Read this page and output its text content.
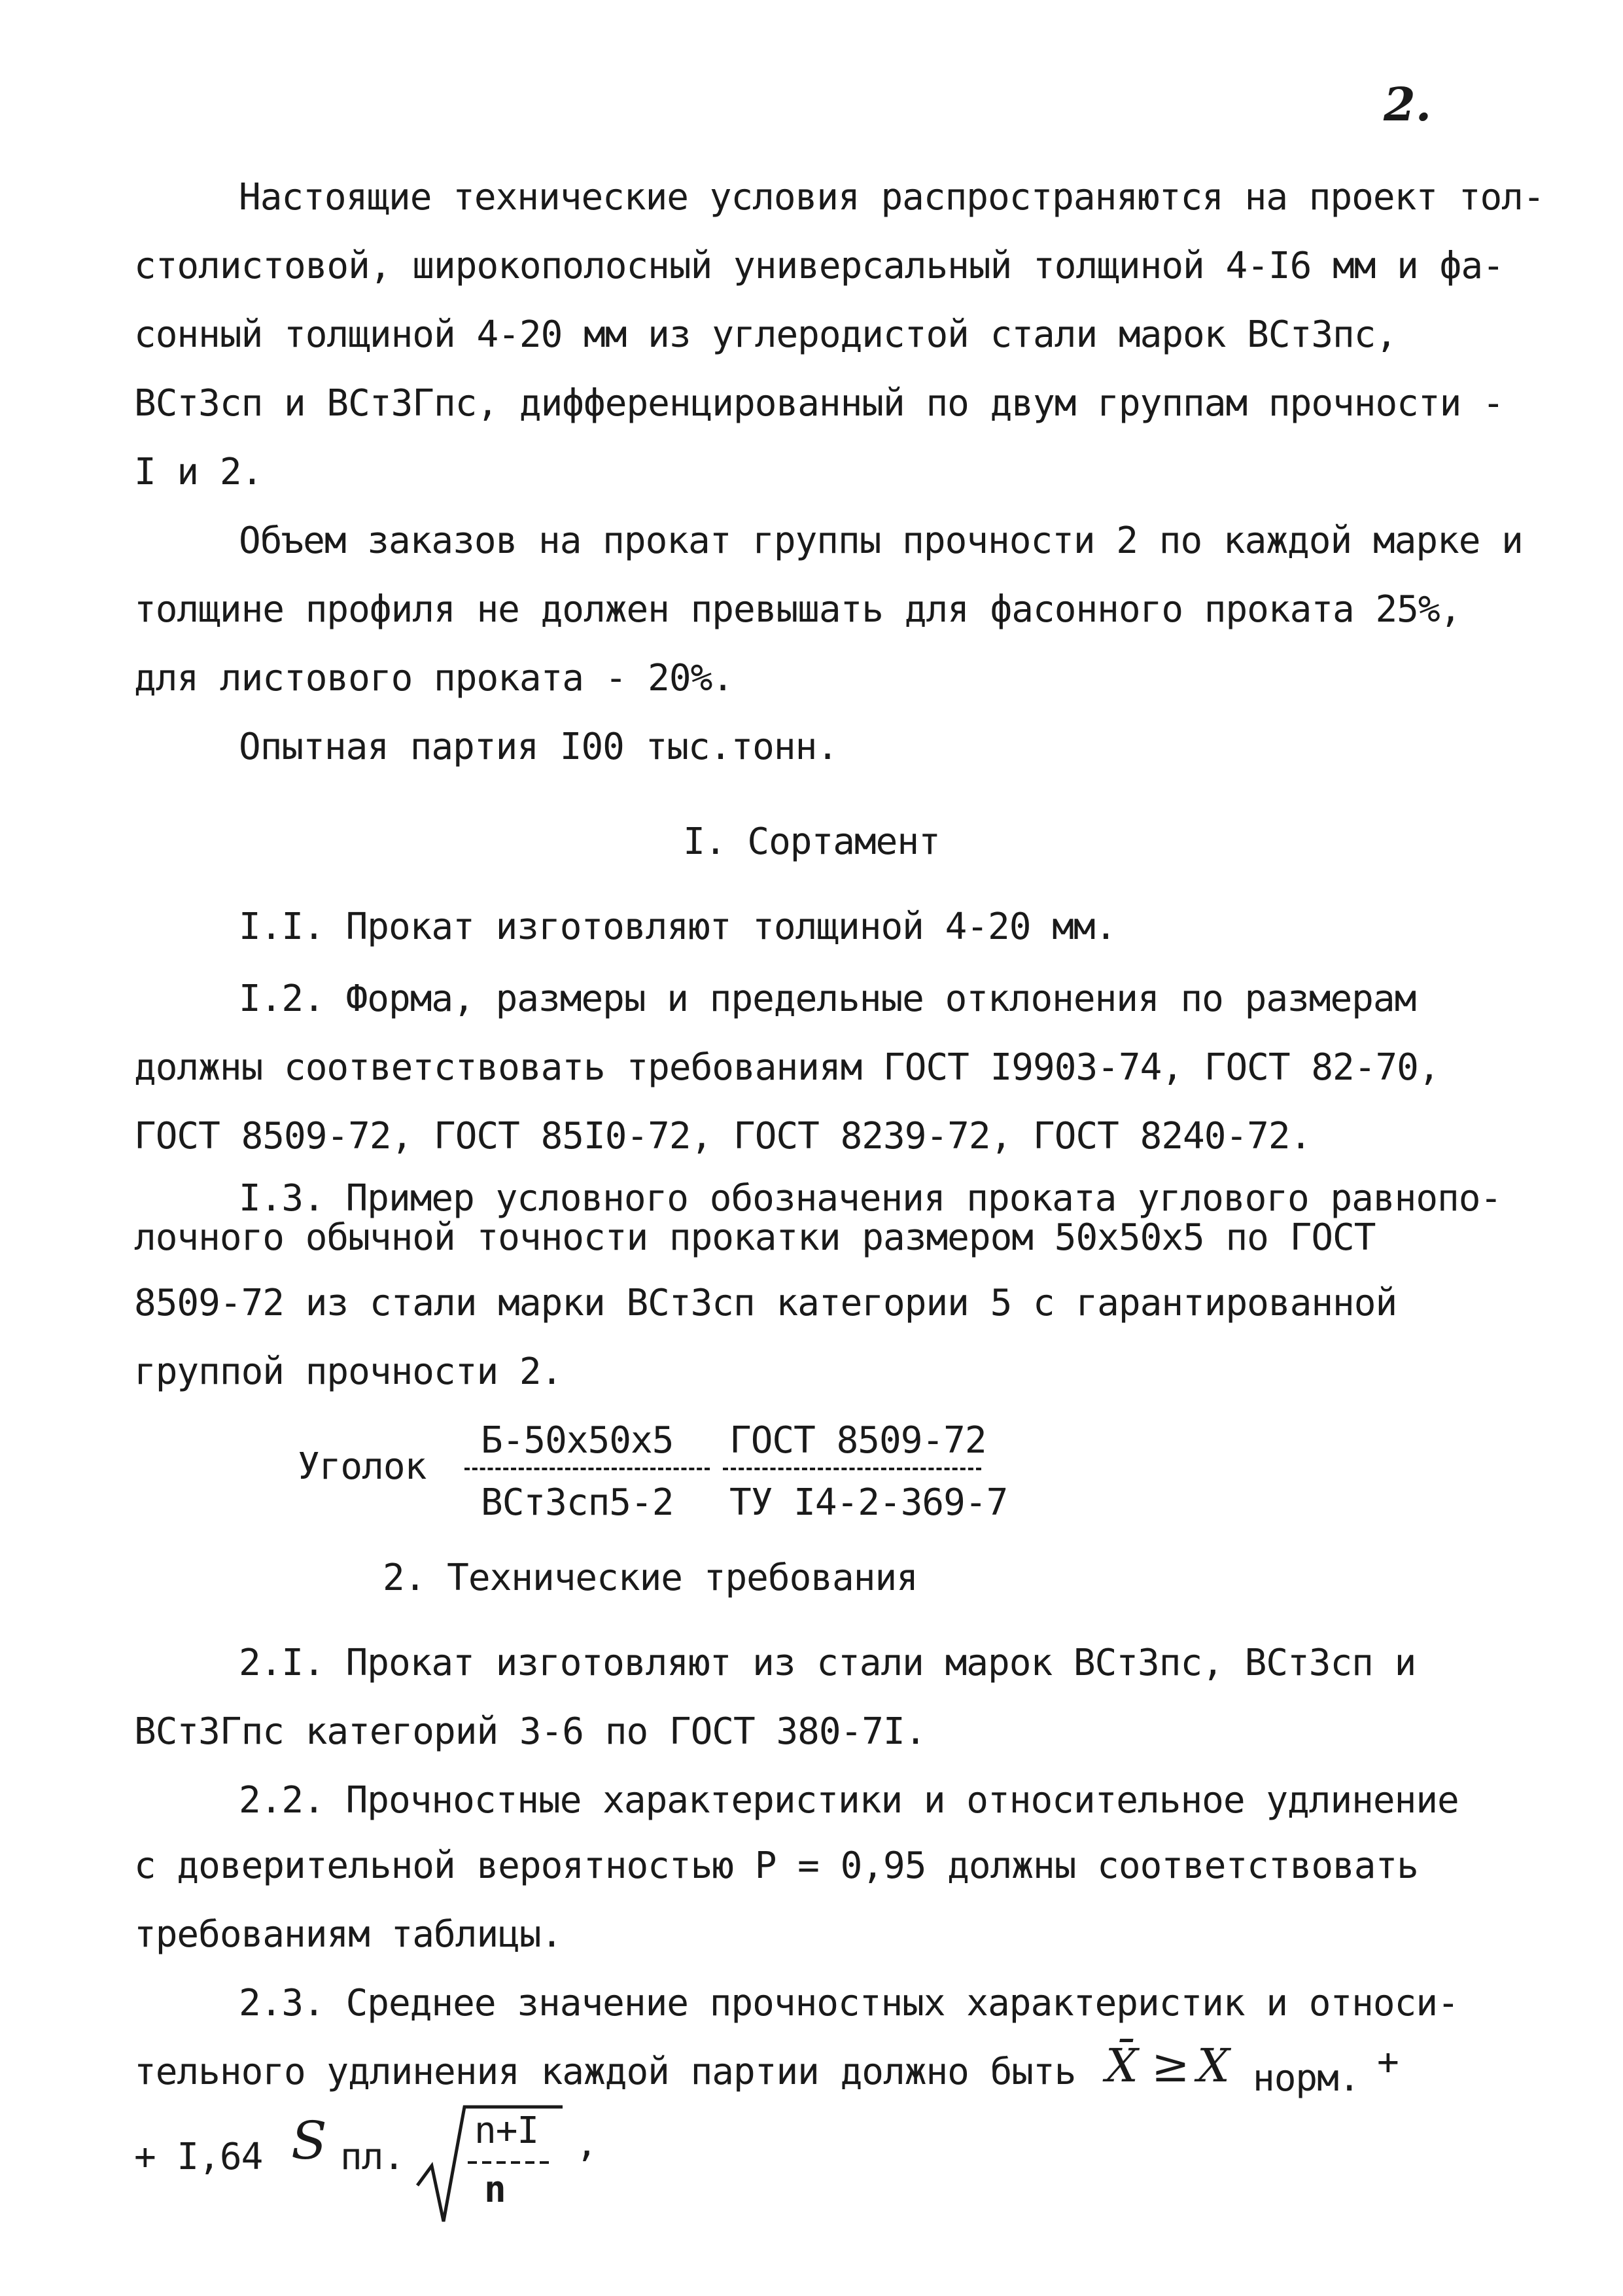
2.
Настоящие технические условия распространяются на проект тол-
столистовой, широкополосный универсальный толщиной 4-I6 мм и фа-
сонный толщиной 4-20 мм из углеродистой стали марок ВСт3пс,
ВСт3сп и ВСт3Гпс, дифференцированный по двум группам прочности -
I и 2.
Объем заказов на прокат группы прочности 2 по каждой марке и
толщине профиля не должен превышать для фасонного проката 25%,
для листового проката - 20%.
Опытная партия I00 тыс.тонн.
I. Сортамент
I.I. Прокат изготовляют толщиной 4-20 мм.
I.2. Форма, размеры и предельные отклонения по размерам
должны соответствовать требованиям ГОСТ I9903-74, ГОСТ 82-70,
ГОСТ 8509-72, ГОСТ 85I0-72, ГОСТ 8239-72, ГОСТ 8240-72.
I.3. Пример условного обозначения проката углового равнопо-
лочного обычной точности прокатки размером 50х50х5 по ГОСТ
8509-72 из стали марки ВСт3сп категории 5 с гарантированной
группой прочности 2.
Уголок
Б-50х50х5
ВСт3сп5-2
ГОСТ 8509-72
ТУ I4-2-369-7
2. Технические требования
2.I. Прокат изготовляют из стали марок ВСт3пс, ВСт3сп и
ВСт3Гпс категорий 3-6 по ГОСТ 380-7I.
2.2. Прочностные характеристики и относительное удлинение
с доверительной вероятностью Р = 0,95 должны соответствовать
требованиям таблицы.
2.3. Среднее значение прочностных характеристик и относи-
тельного удлинения каждой партии должно быть X̄ ≥ X норм. +
+ I,64 S пл.
n+I
n
,
